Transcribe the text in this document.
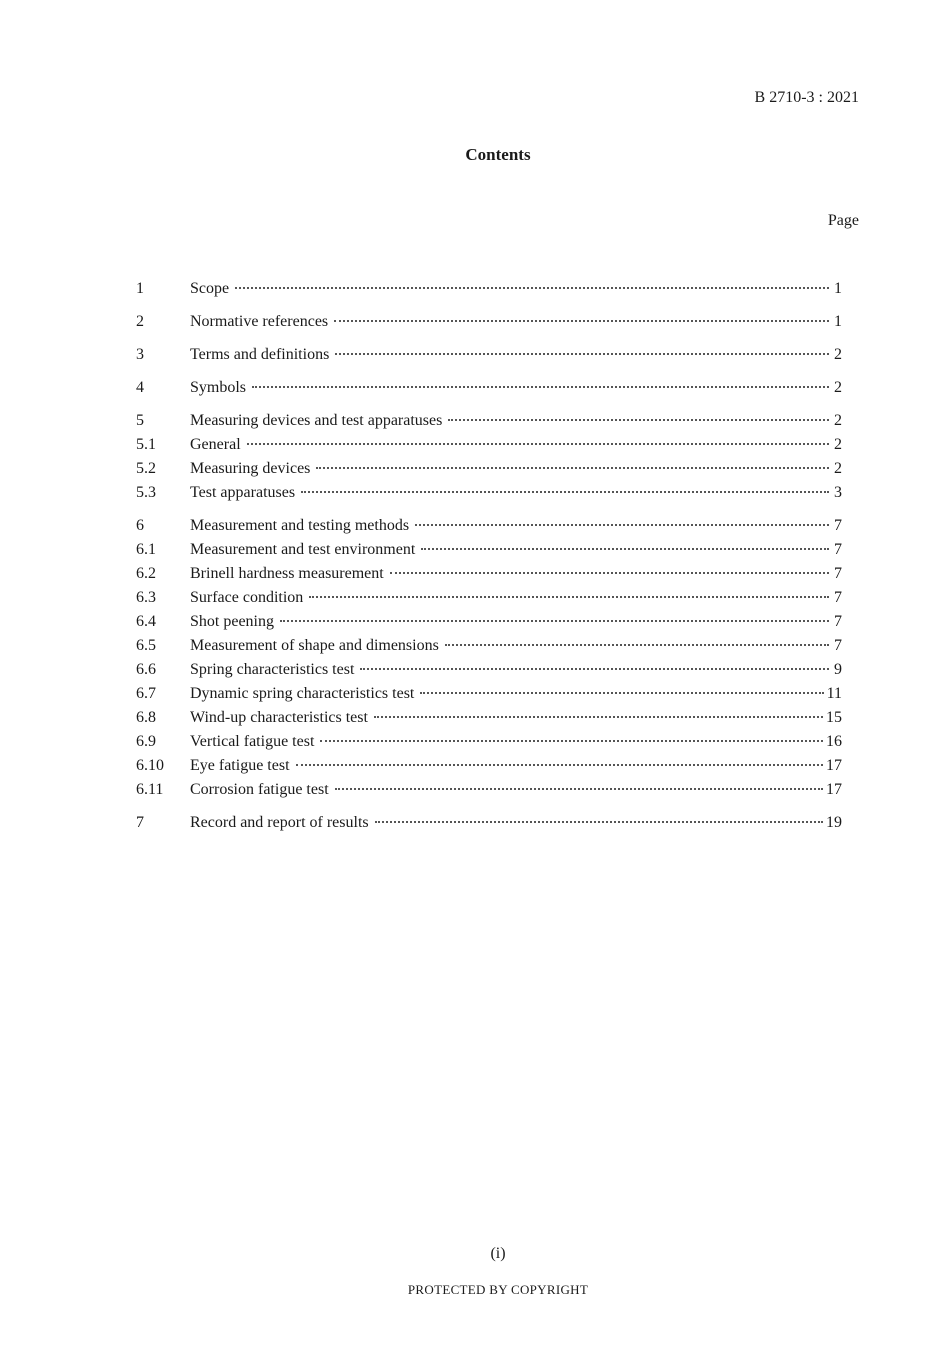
B 2710-3 : 2021
Contents
Page
1	Scope	1
2	Normative references	1
3	Terms and definitions	2
4	Symbols	2
5	Measuring devices and test apparatuses	2
5.1	General	2
5.2	Measuring devices	2
5.3	Test apparatuses	3
6	Measurement and testing methods	7
6.1	Measurement and test environment	7
6.2	Brinell hardness measurement	7
6.3	Surface condition	7
6.4	Shot peening	7
6.5	Measurement of shape and dimensions	7
6.6	Spring characteristics test	9
6.7	Dynamic spring characteristics test	11
6.8	Wind-up characteristics test	15
6.9	Vertical fatigue test	16
6.10	Eye fatigue test	17
6.11	Corrosion fatigue test	17
7	Record and report of results	19
(i)
PROTECTED BY COPYRIGHT
